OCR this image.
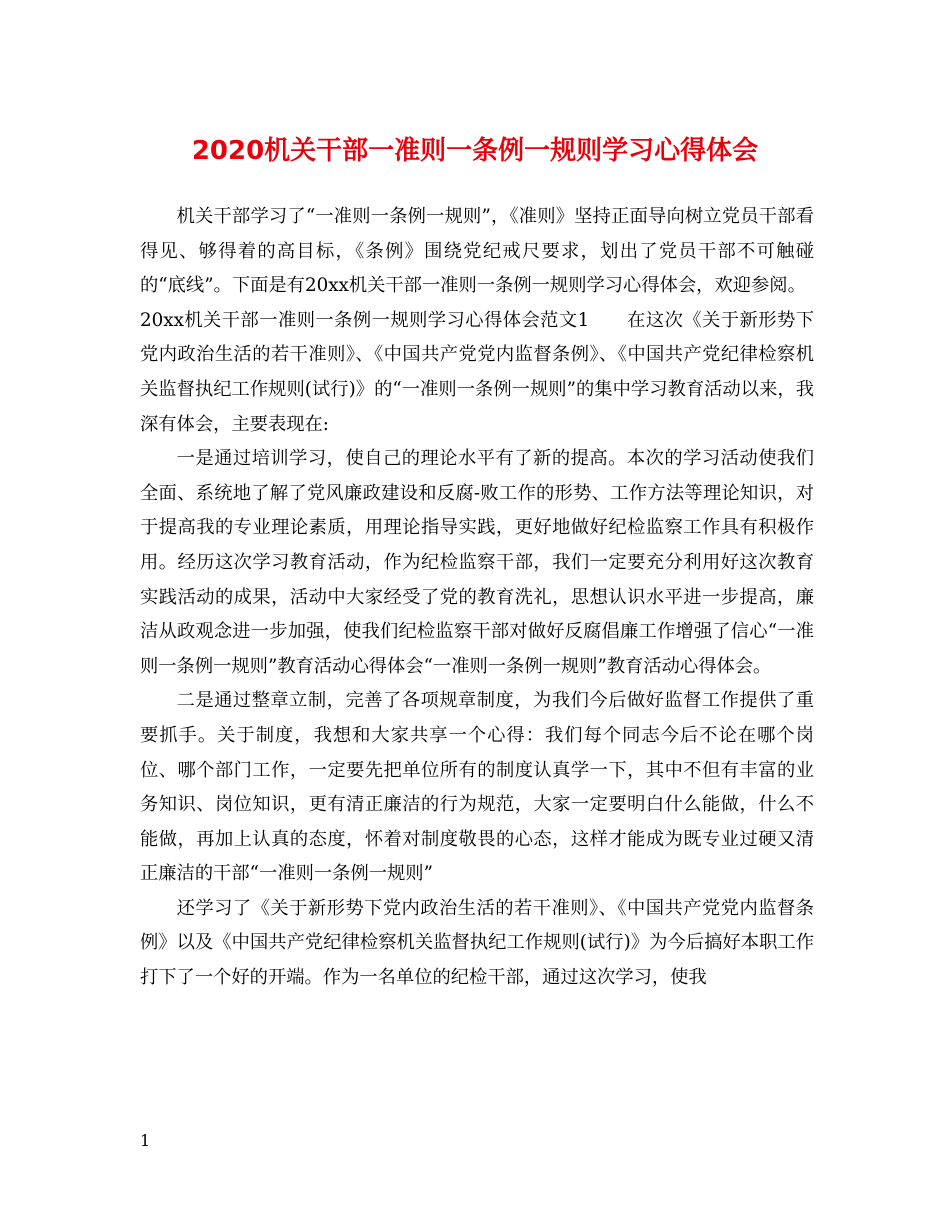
2020机关干部一准则一条例一规则学习心得体会

机关干部学习了“一准则一条例一规则”，《准则》坚持正面导向树立党员干部看得见、够得着的高目标，《条例》围绕党纪戒尺要求，划出了党员干部不可触碰的“底线”。下面是有20xx机关干部一准则一条例一规则学习心得体会，欢迎参阅。

20xx机关干部一准则一条例一规则学习心得体会范文1　　在这次《关于新形势下党内政治生活的若干准则》、《中国共产党党内监督条例》、《中国共产党纪律检察机关监督执纪工作规则(试行)》的“一准则一条例一规则”的集中学习教育活动以来，我深有体会，主要表现在:

一是通过培训学习，使自己的理论水平有了新的提高。本次的学习活动使我们全面、系统地了解了党风廉政建设和反腐-败工作的形势、工作方法等理论知识，对于提高我的专业理论素质，用理论指导实践，更好地做好纪检监察工作具有积极作用。经历这次学习教育活动，作为纪检监察干部，我们一定要充分利用好这次教育实践活动的成果，活动中大家经受了党的教育洗礼，思想认识水平进一步提高，廉洁从政观念进一步加强，使我们纪检监察干部对做好反腐倡廉工作增强了信心“一准则一条例一规则”教育活动心得体会“一准则一条例一规则”教育活动心得体会。

二是通过整章立制，完善了各项规章制度，为我们今后做好监督工作提供了重要抓手。关于制度，我想和大家共享一个心得：我们每个同志今后不论在哪个岗位、哪个部门工作，一定要先把单位所有的制度认真学一下，其中不但有丰富的业务知识、岗位知识，更有清正廉洁的行为规范，大家一定要明白什么能做，什么不能做，再加上认真的态度，怀着对制度敬畏的心态，这样才能成为既专业过硬又清正廉洁的干部“一准则一条例一规则”

还学习了《关于新形势下党内政治生活的若干准则》、《中国共产党党内监督条例》以及《中国共产党纪律检察机关监督执纪工作规则(试行)》为今后搞好本职工作打下了一个好的开端。作为一名单位的纪检干部，通过这次学习，使我

1
